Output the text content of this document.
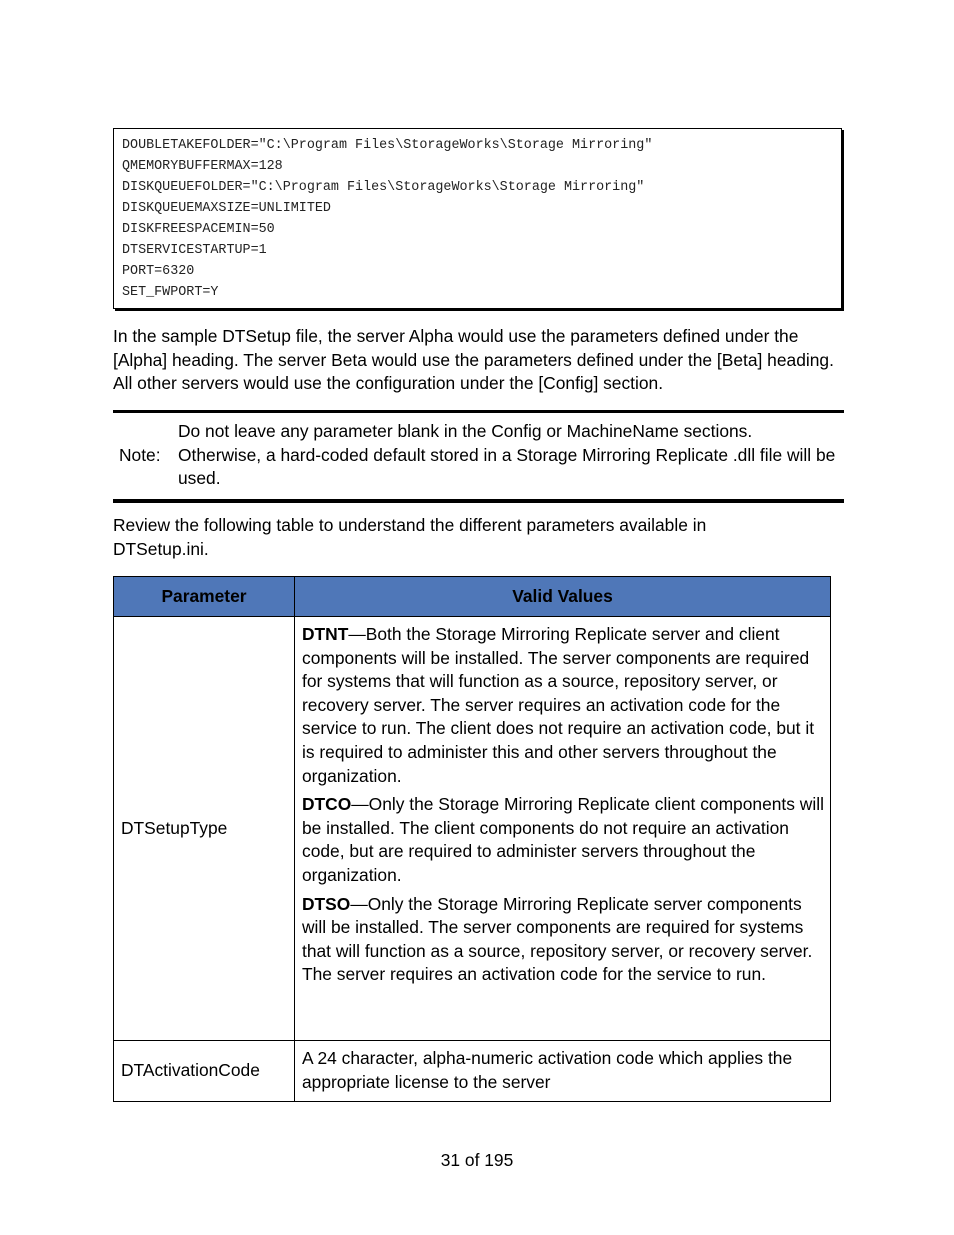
DOUBLETAKEFOLDER="C:\Program Files\StorageWorks\Storage Mirroring"
QMEMORYBUFFERMAX=128
DISKQUEUEFOLDER="C:\Program Files\StorageWorks\Storage Mirroring"
DISKQUEUEMAXSIZE=UNLIMITED
DISKFREESPACEMIN=50
DTSERVICESTARTUP=1
PORT=6320
SET_FWPORT=Y

In the sample DTSetup file, the server Alpha would use the parameters defined under the [Alpha] heading. The server Beta would use the parameters defined under the [Beta] heading. All other servers would use the configuration under the [Config] section.

Note:
Do not leave any parameter blank in the Config or MachineName sections. Otherwise, a hard-coded default stored in a Storage Mirroring Replicate .dll file will be used.

Review the following table to understand the different parameters available in DTSetup.ini.

Parameter	Valid Values
DTSetupType	DTNT—Both the Storage Mirroring Replicate server and client components will be installed. The server components are required for systems that will function as a source, repository server, or recovery server. The server requires an activation code for the service to run. The client does not require an activation code, but it is required to administer this and other servers throughout the organization.

DTCO—Only the Storage Mirroring Replicate client components will be installed. The client components do not require an activation code, but are required to administer servers throughout the organization.

DTSO—Only the Storage Mirroring Replicate server components will be installed. The server components are required for systems that will function as a source, repository server, or recovery server. The server requires an activation code for the service to run.

DTActivationCode	A 24 character, alpha-numeric activation code which applies the appropriate license to the server
31 of 195
